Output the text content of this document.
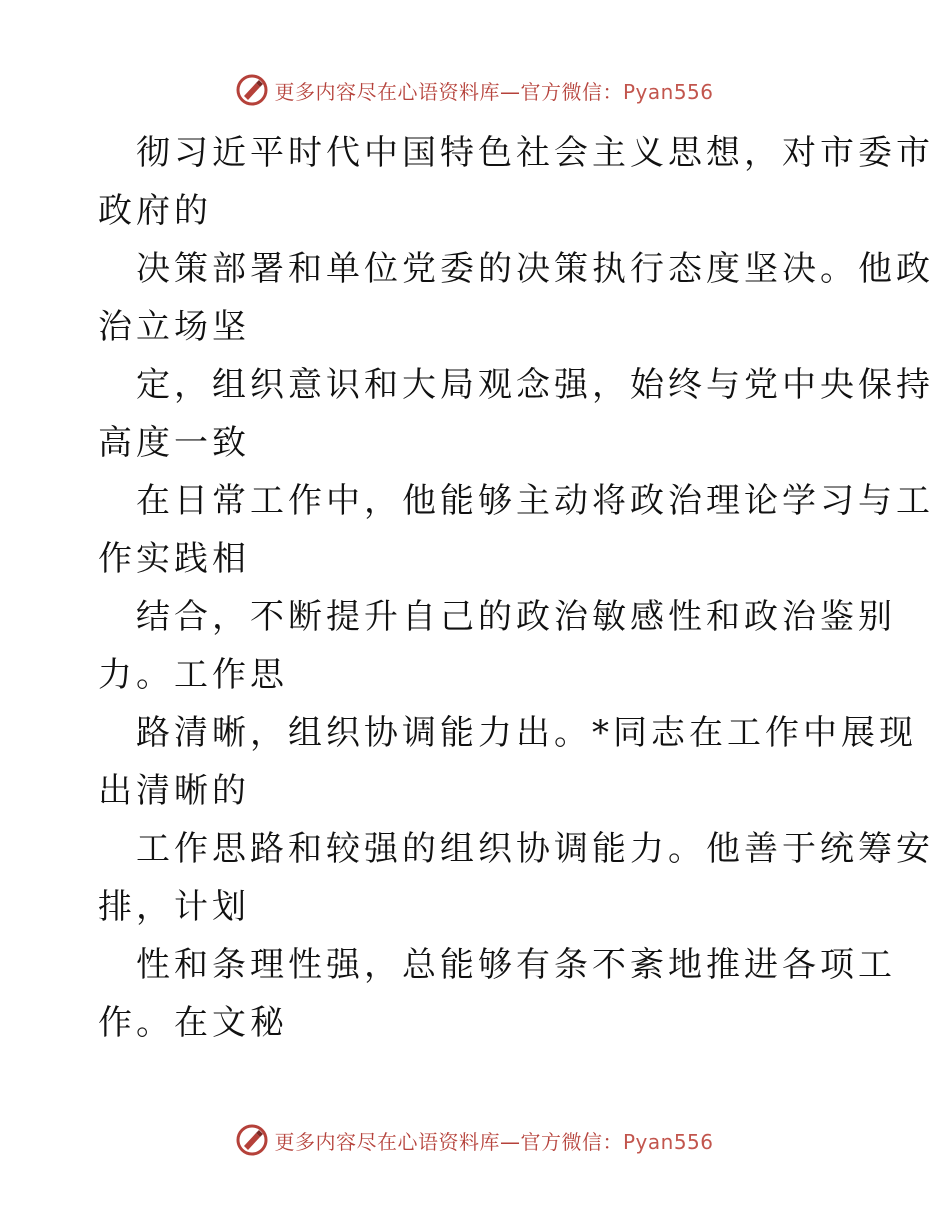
更多内容尽在心语资料库—官方微信：Pyan556
彻习近平时代中国特色社会主义思想，对市委市
政府的
决策部署和单位党委的决策执行态度坚决。他政
治立场坚
定，组织意识和大局观念强，始终与党中央保持
高度一致
在日常工作中，他能够主动将政治理论学习与工
作实践相
结合，不断提升自己的政治敏感性和政治鉴别
力。工作思
路清晰，组织协调能力出。*同志在工作中展现
出清晰的
工作思路和较强的组织协调能力。他善于统筹安
排，计划
性和条理性强，总能够有条不紊地推进各项工
作。在文秘
更多内容尽在心语资料库—官方微信：Pyan556
